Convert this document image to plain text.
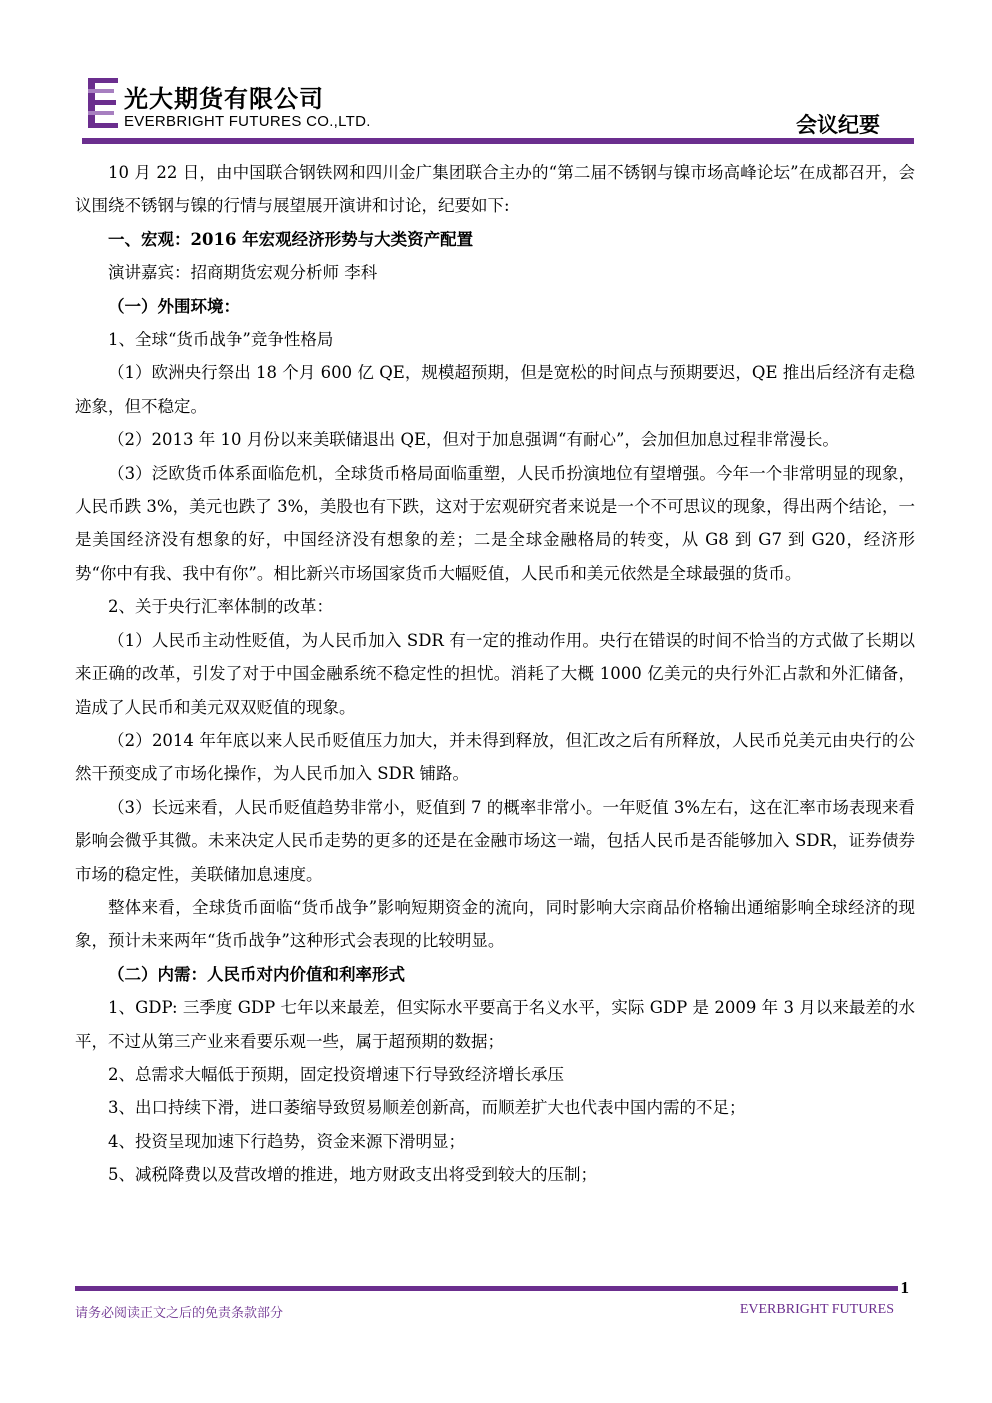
光大期货有限公司
EVERBRIGHT FUTURES CO.,LTD.	会议纪要

10 月 22 日，由中国联合钢铁网和四川金广集团联合主办的“第二届不锈钢与镍市场高峰论坛”在成都召开，会议围绕不锈钢与镍的行情与展望展开演讲和讨论，纪要如下:

一、宏观：2016 年宏观经济形势与大类资产配置

演讲嘉宾：招商期货宏观分析师 李科

（一）外围环境：

1、全球“货币战争”竞争性格局

（1）欧洲央行祭出 18 个月 600 亿 QE，规模超预期，但是宽松的时间点与预期要迟，QE 推出后经济有走稳迹象，但不稳定。

（2）2013 年 10 月份以来美联储退出 QE，但对于加息强调“有耐心”，会加但加息过程非常漫长。

（3）泛欧货币体系面临危机，全球货币格局面临重塑，人民币扮演地位有望增强。今年一个非常明显的现象，人民币跌 3%，美元也跌了 3%，美股也有下跌，这对于宏观研究者来说是一个不可思议的现象，得出两个结论，一是美国经济没有想象的好，中国经济没有想象的差；二是全球金融格局的转变，从 G8 到 G7 到 G20，经济形势“你中有我、我中有你”。相比新兴市场国家货币大幅贬值，人民币和美元依然是全球最强的货币。

2、关于央行汇率体制的改革：

（1）人民币主动性贬值，为人民币加入 SDR 有一定的推动作用。央行在错误的时间不恰当的方式做了长期以来正确的改革，引发了对于中国金融系统不稳定性的担忧。消耗了大概 1000 亿美元的央行外汇占款和外汇储备，造成了人民币和美元双双贬值的现象。

（2）2014 年年底以来人民币贬值压力加大，并未得到释放，但汇改之后有所释放，人民币兑美元由央行的公然干预变成了市场化操作，为人民币加入 SDR 铺路。

（3）长远来看，人民币贬值趋势非常小，贬值到 7 的概率非常小。一年贬值 3%左右，这在汇率市场表现来看影响会微乎其微。未来决定人民币走势的更多的还是在金融市场这一端，包括人民币是否能够加入 SDR，证券债券市场的稳定性，美联储加息速度。

整体来看，全球货币面临“货币战争”影响短期资金的流向，同时影响大宗商品价格输出通缩影响全球经济的现象，预计未来两年“货币战争”这种形式会表现的比较明显。

（二）内需：人民币对内价值和利率形式

1、GDP: 三季度 GDP 七年以来最差，但实际水平要高于名义水平，实际 GDP 是 2009 年 3 月以来最差的水平，不过从第三产业来看要乐观一些，属于超预期的数据；

2、总需求大幅低于预期，固定投资增速下行导致经济增长承压

3、出口持续下滑，进口萎缩导致贸易顺差创新高，而顺差扩大也代表中国内需的不足；

4、投资呈现加速下行趋势，资金来源下滑明显；

5、减税降费以及营改增的推进，地方财政支出将受到较大的压制；

1
请务必阅读正文之后的免责条款部分	EVERBRIGHT FUTURES
